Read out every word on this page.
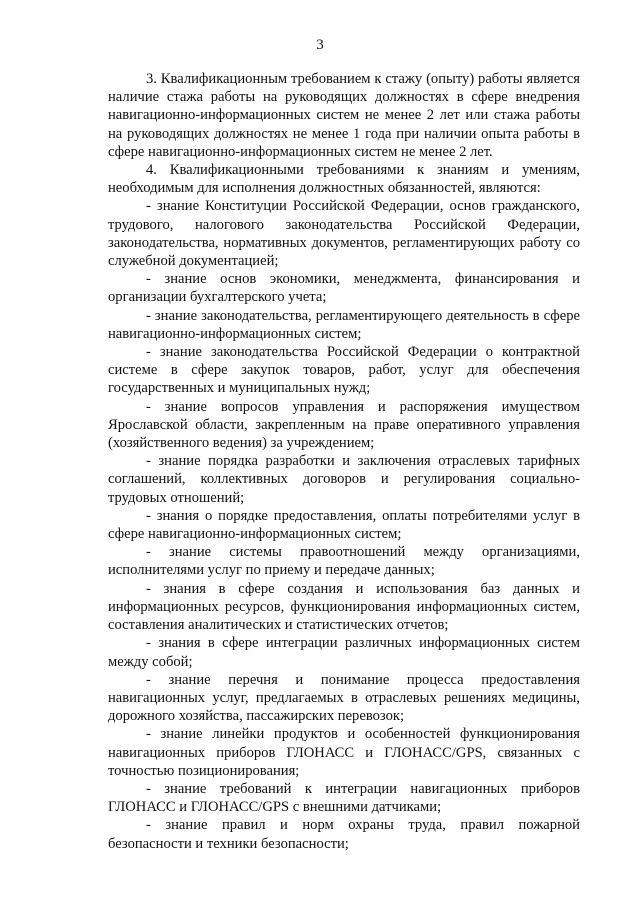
3

3. Квалификационным требованием к стажу (опыту) работы является наличие стажа работы на руководящих должностях в сфере внедрения навигационно-информационных систем не менее 2 лет или стажа работы на руководящих должностях не менее 1 года при наличии опыта работы в сфере навигационно-информационных систем не менее 2 лет.

4. Квалификационными требованиями к знаниям и умениям, необходимым для исполнения должностных обязанностей, являются:

- знание Конституции Российской Федерации, основ гражданского, трудового, налогового законодательства Российской Федерации, законодательства, нормативных документов, регламентирующих работу со служебной документацией;

- знание основ экономики, менеджмента, финансирования и организации бухгалтерского учета;

- знание законодательства, регламентирующего деятельность в сфере навигационно-информационных систем;

- знание законодательства Российской Федерации о контрактной системе в сфере закупок товаров, работ, услуг для обеспечения государственных и муниципальных нужд;

- знание вопросов управления и распоряжения имуществом Ярославской области, закрепленным на праве оперативного управления (хозяйственного ведения) за учреждением;

- знание порядка разработки и заключения отраслевых тарифных соглашений, коллективных договоров и регулирования социально-трудовых отношений;

- знания о порядке предоставления, оплаты потребителями услуг в сфере навигационно-информационных систем;

- знание системы правоотношений между организациями, исполнителями услуг по приему и передаче данных;

- знания в сфере создания и использования баз данных и информационных ресурсов, функционирования информационных систем, составления аналитических и статистических отчетов;

- знания в сфере интеграции различных информационных систем между собой;

- знание перечня и понимание процесса предоставления навигационных услуг, предлагаемых в отраслевых решениях медицины, дорожного хозяйства, пассажирских перевозок;

- знание линейки продуктов и особенностей функционирования навигационных приборов ГЛОНАСС и ГЛОНАСС/GPS, связанных с точностью позиционирования;

- знание требований к интеграции навигационных приборов ГЛОНАСС и ГЛОНАСС/GPS с внешними датчиками;

- знание правил и норм охраны труда, правил пожарной безопасности и техники безопасности;
